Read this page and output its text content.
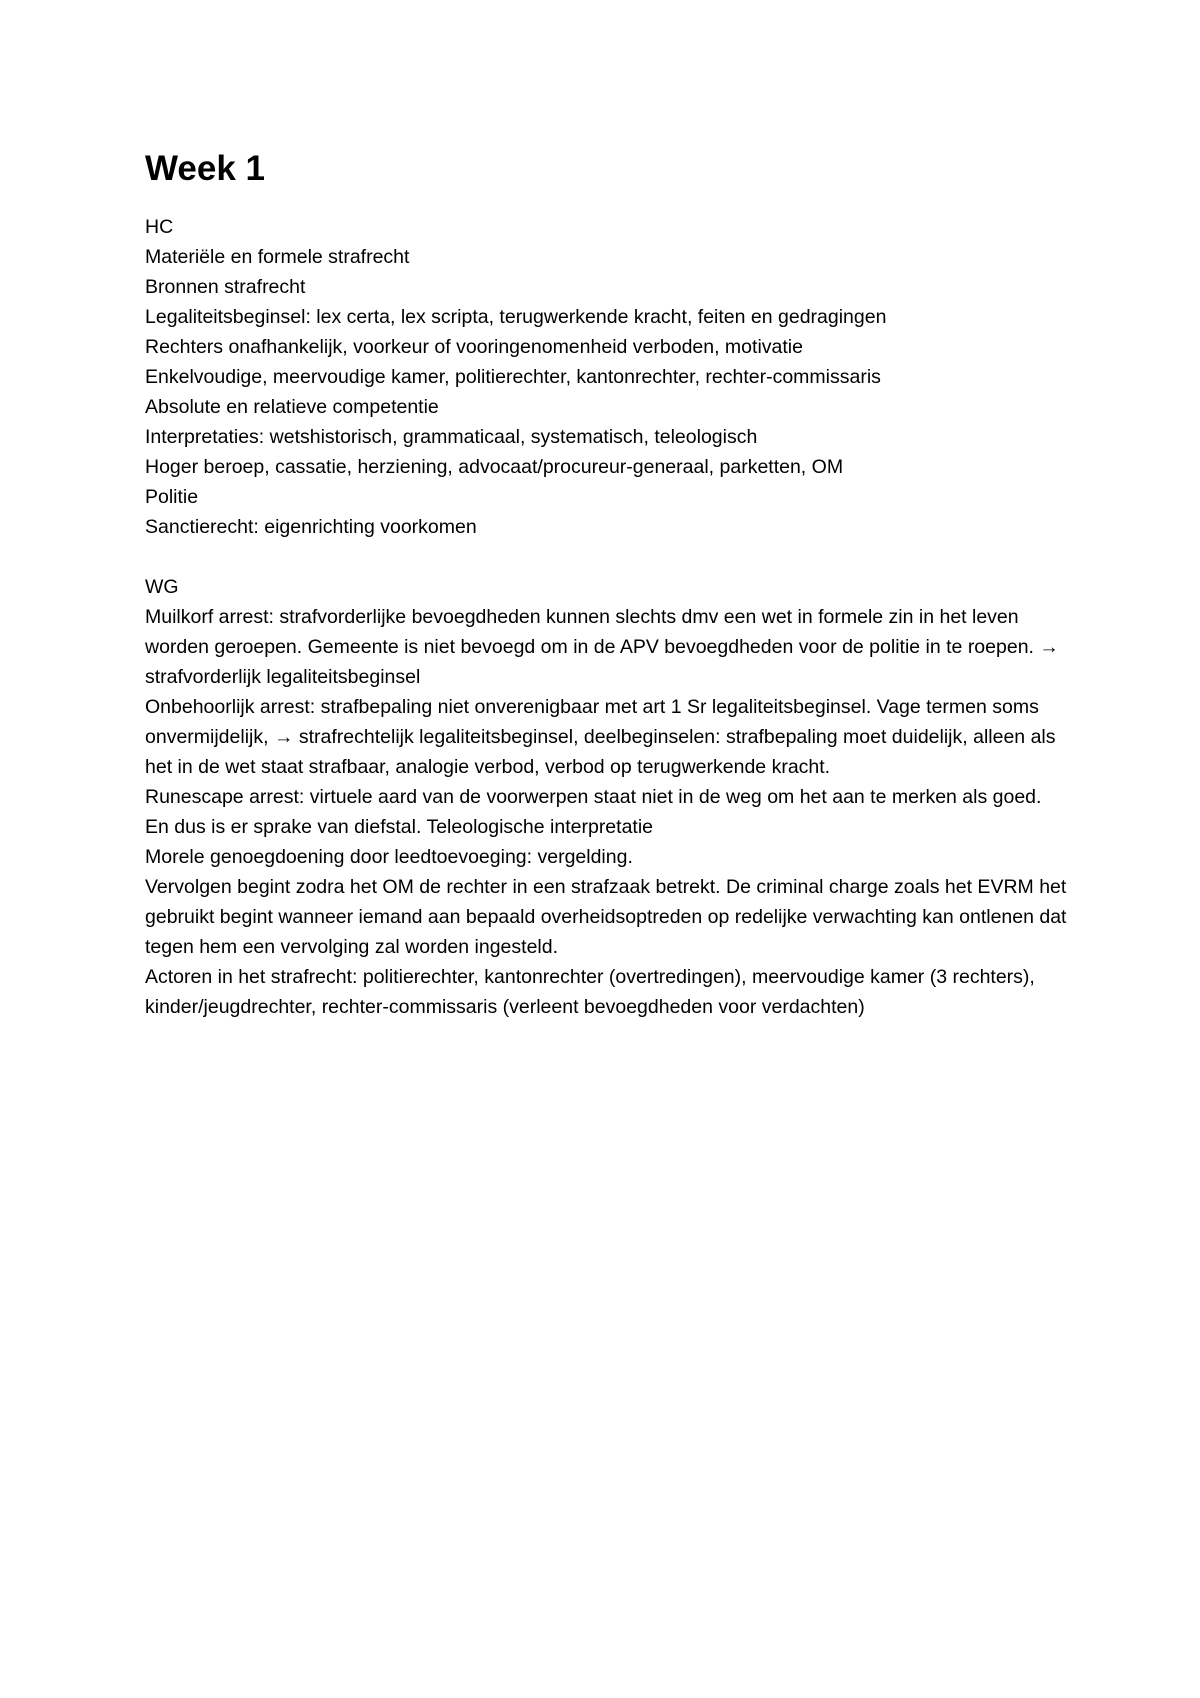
Week 1
HC
Materiële en formele strafrecht
Bronnen strafrecht
Legaliteitsbeginsel: lex certa, lex scripta, terugwerkende kracht, feiten en gedragingen
Rechters onafhankelijk, voorkeur of vooringenomenheid verboden, motivatie
Enkelvoudige, meervoudige kamer, politierechter, kantonrechter, rechter-commissaris
Absolute en relatieve competentie
Interpretaties: wetshistorisch, grammaticaal, systematisch, teleologisch
Hoger beroep, cassatie, herziening, advocaat/procureur-generaal, parketten, OM
Politie
Sanctierecht: eigenrichting voorkomen
WG
Muilkorf arrest: strafvorderlijke bevoegdheden kunnen slechts dmv een wet in formele zin in het leven worden geroepen. Gemeente is niet bevoegd om in de APV bevoegdheden voor de politie in te roepen. → strafvorderlijk legaliteitsbeginsel
Onbehoorlijk arrest: strafbepaling niet onverenigbaar met art 1 Sr legaliteitsbeginsel. Vage termen soms onvermijdelijk, → strafrechtelijk legaliteitsbeginsel, deelbeginselen: strafbepaling moet duidelijk, alleen als het in de wet staat strafbaar, analogie verbod, verbod op terugwerkende kracht.
Runescape arrest: virtuele aard van de voorwerpen staat niet in de weg om het aan te merken als goed. En dus is er sprake van diefstal. Teleologische interpretatie
Morele genoegdoening door leedtoevoeging: vergelding.
Vervolgen begint zodra het OM de rechter in een strafzaak betrekt. De criminal charge zoals het EVRM het gebruikt begint wanneer iemand aan bepaald overheidsoptreden op redelijke verwachting kan ontlenen dat tegen hem een vervolging zal worden ingesteld.
Actoren in het strafrecht: politierechter, kantonrechter (overtredingen), meervoudige kamer (3 rechters), kinder/jeugdrechter, rechter-commissaris (verleent bevoegdheden voor verdachten)
